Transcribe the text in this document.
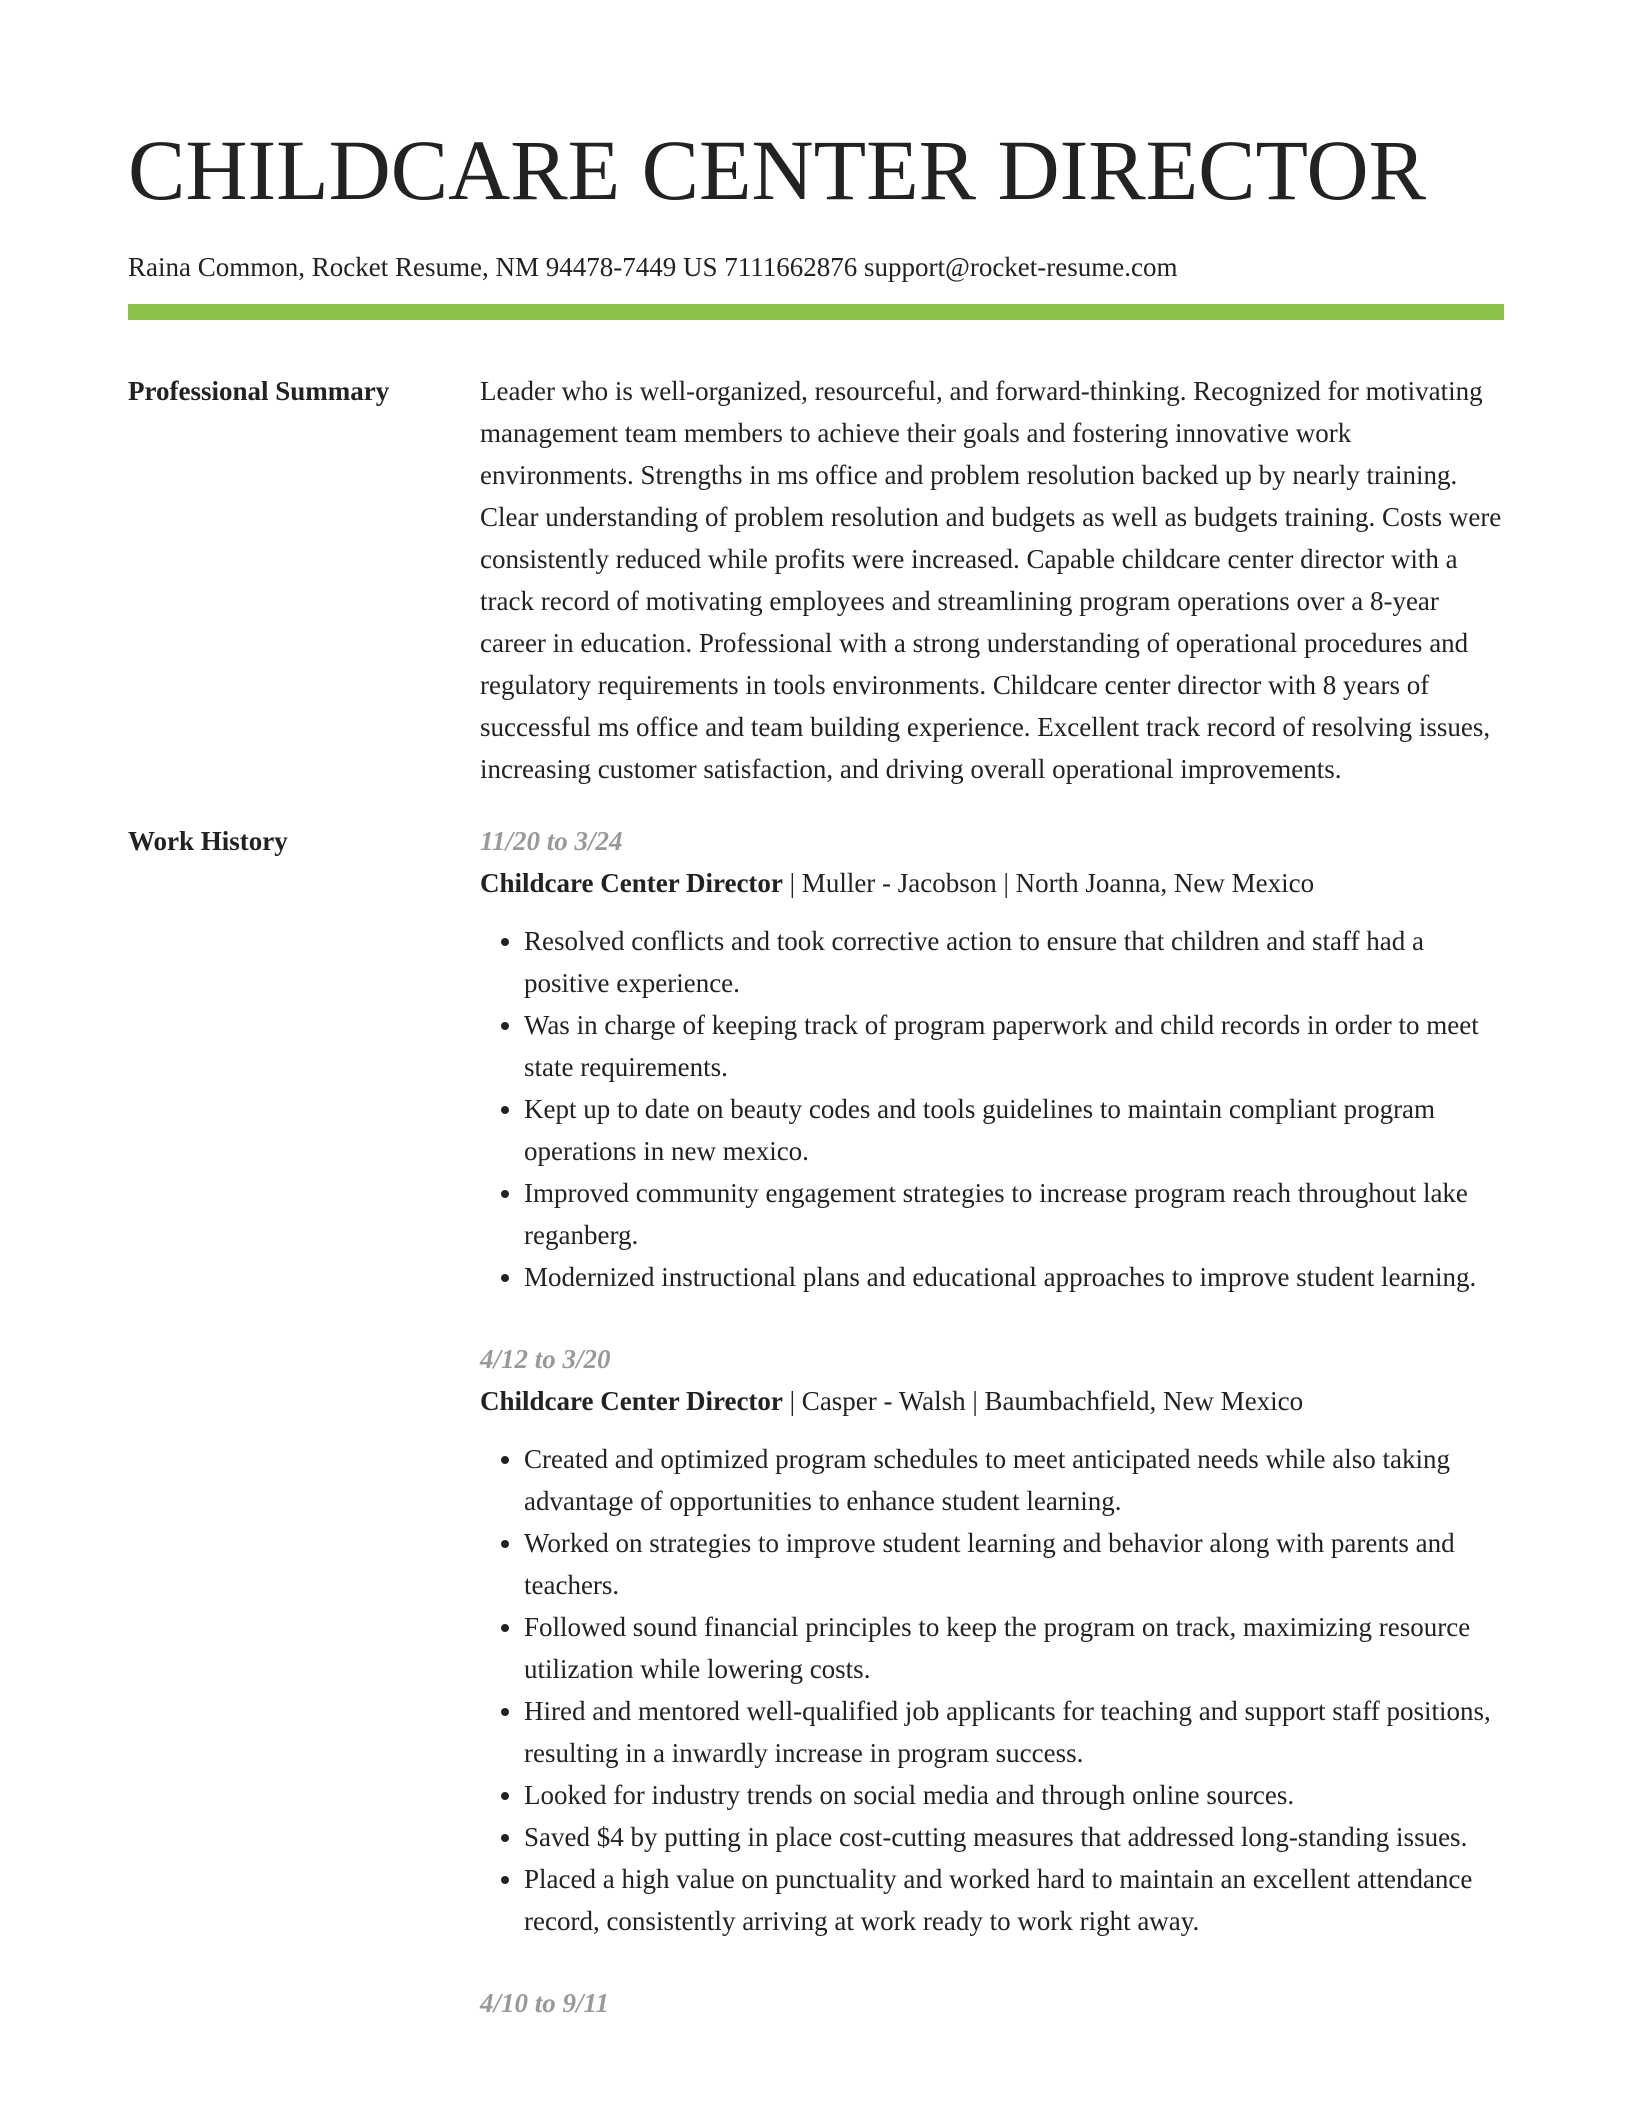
CHILDCARE CENTER DIRECTOR
Raina Common, Rocket Resume, NM 94478-7449 US 7111662876 support@rocket-resume.com
Professional Summary	Leader who is well-organized, resourceful, and forward-thinking. Recognized for motivating management team members to achieve their goals and fostering innovative work environments. Strengths in ms office and problem resolution backed up by nearly training. Clear understanding of problem resolution and budgets as well as budgets training. Costs were consistently reduced while profits were increased. Capable childcare center director with a track record of motivating employees and streamlining program operations over a 8-year career in education. Professional with a strong understanding of operational procedures and regulatory requirements in tools environments. Childcare center director with 8 years of successful ms office and team building experience. Excellent track record of resolving issues, increasing customer satisfaction, and driving overall operational improvements.

Work History	11/20 to 3/24
Childcare Center Director | Muller - Jacobson | North Joanna, New Mexico
• Resolved conflicts and took corrective action to ensure that children and staff had a positive experience.
• Was in charge of keeping track of program paperwork and child records in order to meet state requirements.
• Kept up to date on beauty codes and tools guidelines to maintain compliant program operations in new mexico.
• Improved community engagement strategies to increase program reach throughout lake reganberg.
• Modernized instructional plans and educational approaches to improve student learning.
4/12 to 3/20
Childcare Center Director | Casper - Walsh | Baumbachfield, New Mexico
• Created and optimized program schedules to meet anticipated needs while also taking advantage of opportunities to enhance student learning.
• Worked on strategies to improve student learning and behavior along with parents and teachers.
• Followed sound financial principles to keep the program on track, maximizing resource utilization while lowering costs.
• Hired and mentored well-qualified job applicants for teaching and support staff positions, resulting in a inwardly increase in program success.
• Looked for industry trends on social media and through online sources.
• Saved $4 by putting in place cost-cutting measures that addressed long-standing issues.
• Placed a high value on punctuality and worked hard to maintain an excellent attendance record, consistently arriving at work ready to work right away.
4/10 to 9/11
